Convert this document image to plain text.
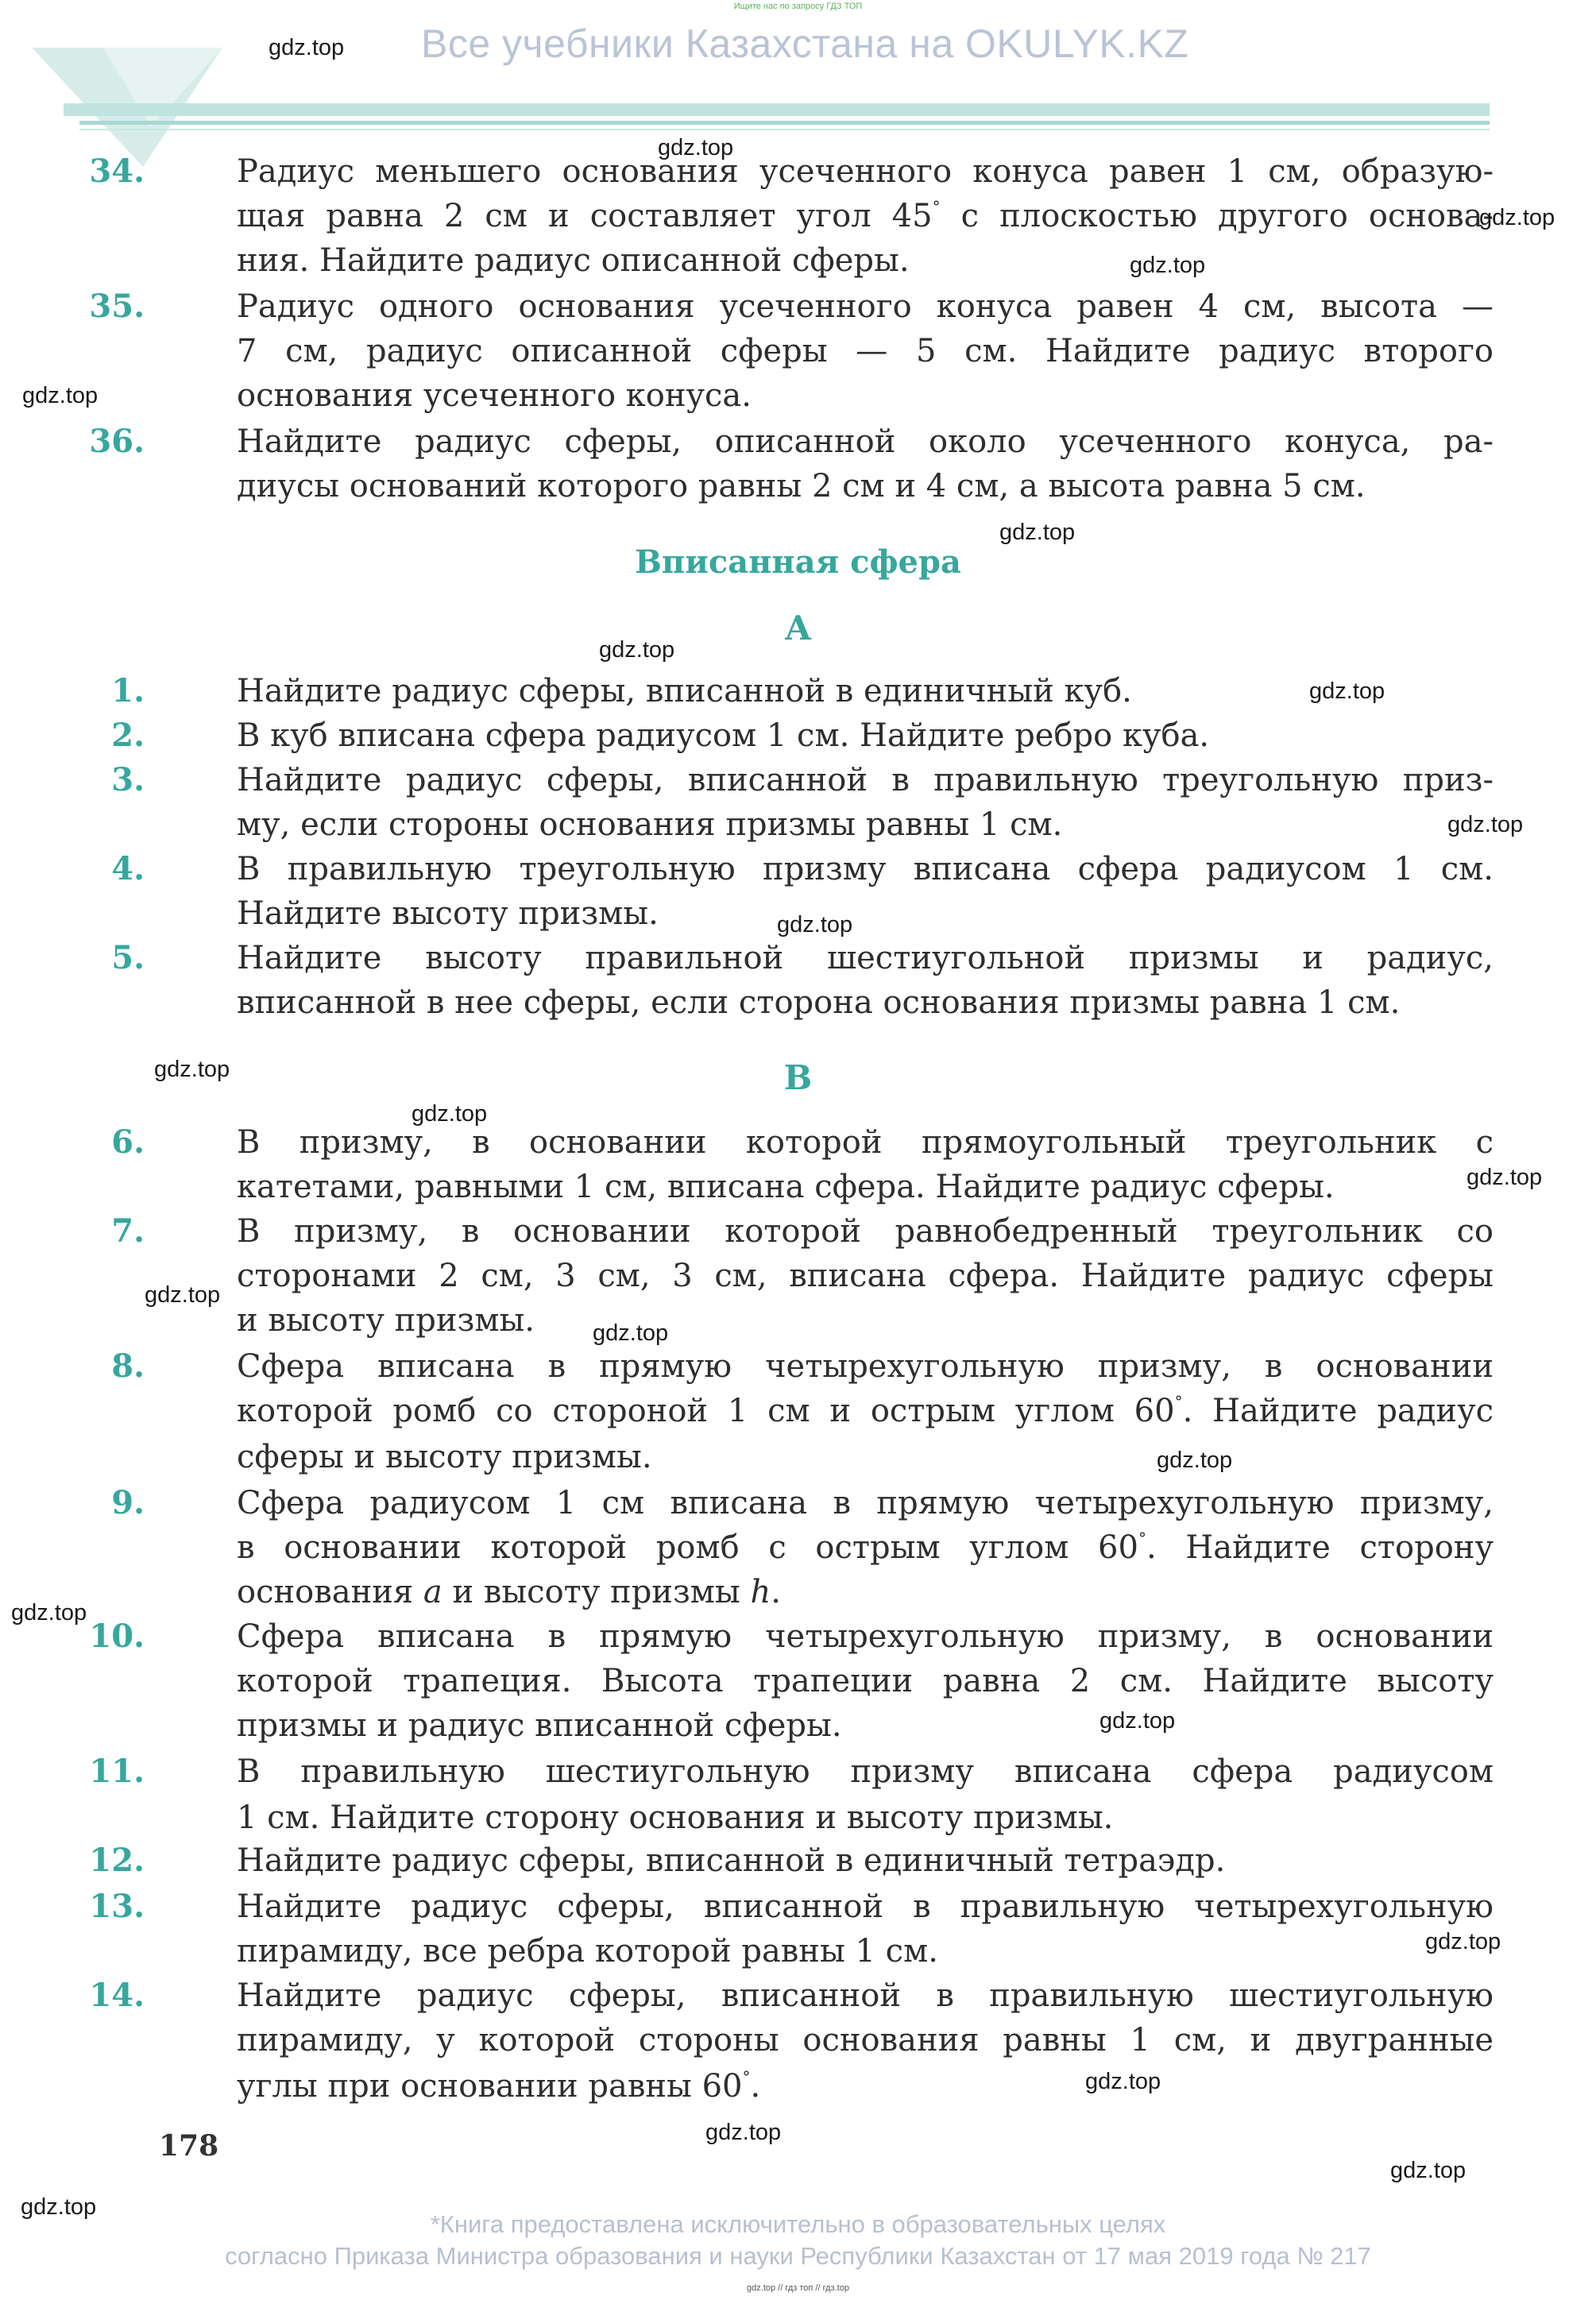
Ищите нас по запросу ГДЗ ТОП
Все учебники Казахстана на OKULYK.KZ
34.	Радиус меньшего основания усеченного конуса равен 1 см, образую-
щая равна 2 см и составляет угол 45° с плоскостью другого основа-
ния. Найдите радиус описанной сферы.
35.	Радиус одного основания усеченного конуса равен 4 см, высота —
7 см, радиус описанной сферы — 5 см. Найдите радиус второго
основания усеченного конуса.
36.	Найдите радиус сферы, описанной около усеченного конуса, ра-
диусы оснований которого равны 2 см и 4 см, а высота равна 5 см.
Вписанная сфера
A
1.	Найдите радиус сферы, вписанной в единичный куб.
2.	В куб вписана сфера радиусом 1 см. Найдите ребро куба.
3.	Найдите радиус сферы, вписанной в правильную треугольную приз-
му, если стороны основания призмы равны 1 см.
4.	В правильную треугольную призму вписана сфера радиусом 1 см.
Найдите высоту призмы.
5.	Найдите высоту правильной шестиугольной призмы и радиус,
вписанной в нее сферы, если сторона основания призмы равна 1 см.
B
6.	В призму, в основании которой прямоугольный треугольник с
катетами, равными 1 см, вписана сфера. Найдите радиус сферы.
7.	В призму, в основании которой равнобедренный треугольник со
сторонами 2 см, 3 см, 3 см, вписана сфера. Найдите радиус сферы
и высоту призмы.
8.	Сфера вписана в прямую четырехугольную призму, в основании
которой ромб со стороной 1 см и острым углом 60°. Найдите радиус
сферы и высоту призмы.
9.	Сфера радиусом 1 см вписана в прямую четырехугольную призму,
в основании которой ромб с острым углом 60°. Найдите сторону
основания a и высоту призмы h.
10.	Сфера вписана в прямую четырехугольную призму, в основании
которой трапеция. Высота трапеции равна 2 см. Найдите высоту
призмы и радиус вписанной сферы.
11.	В правильную шестиугольную призму вписана сфера радиусом
1 см. Найдите сторону основания и высоту призмы.
12.	Найдите радиус сферы, вписанной в единичный тетраэдр.
13.	Найдите радиус сферы, вписанной в правильную четырехугольную
пирамиду, все ребра которой равны 1 см.
14.	Найдите радиус сферы, вписанной в правильную шестиугольную
пирамиду, у которой стороны основания равны 1 см, и двугранные
углы при основании равны 60°.
178
gdz.top
gdz.top
gdz.top
gdz.top
gdz.top
gdz.top
gdz.top
gdz.top
gdz.top
gdz.top
gdz.top
gdz.top
gdz.top
gdz.top
gdz.top
gdz.top
gdz.top
gdz.top
gdz.top
gdz.top
gdz.top
gdz.top
gdz.top
*Книга предоставлена исключительно в образовательных целях
согласно Приказа Министра образования и науки Республики Казахстан от 17 мая 2019 года № 217
gdz.top // гдз топ // гдз.top
